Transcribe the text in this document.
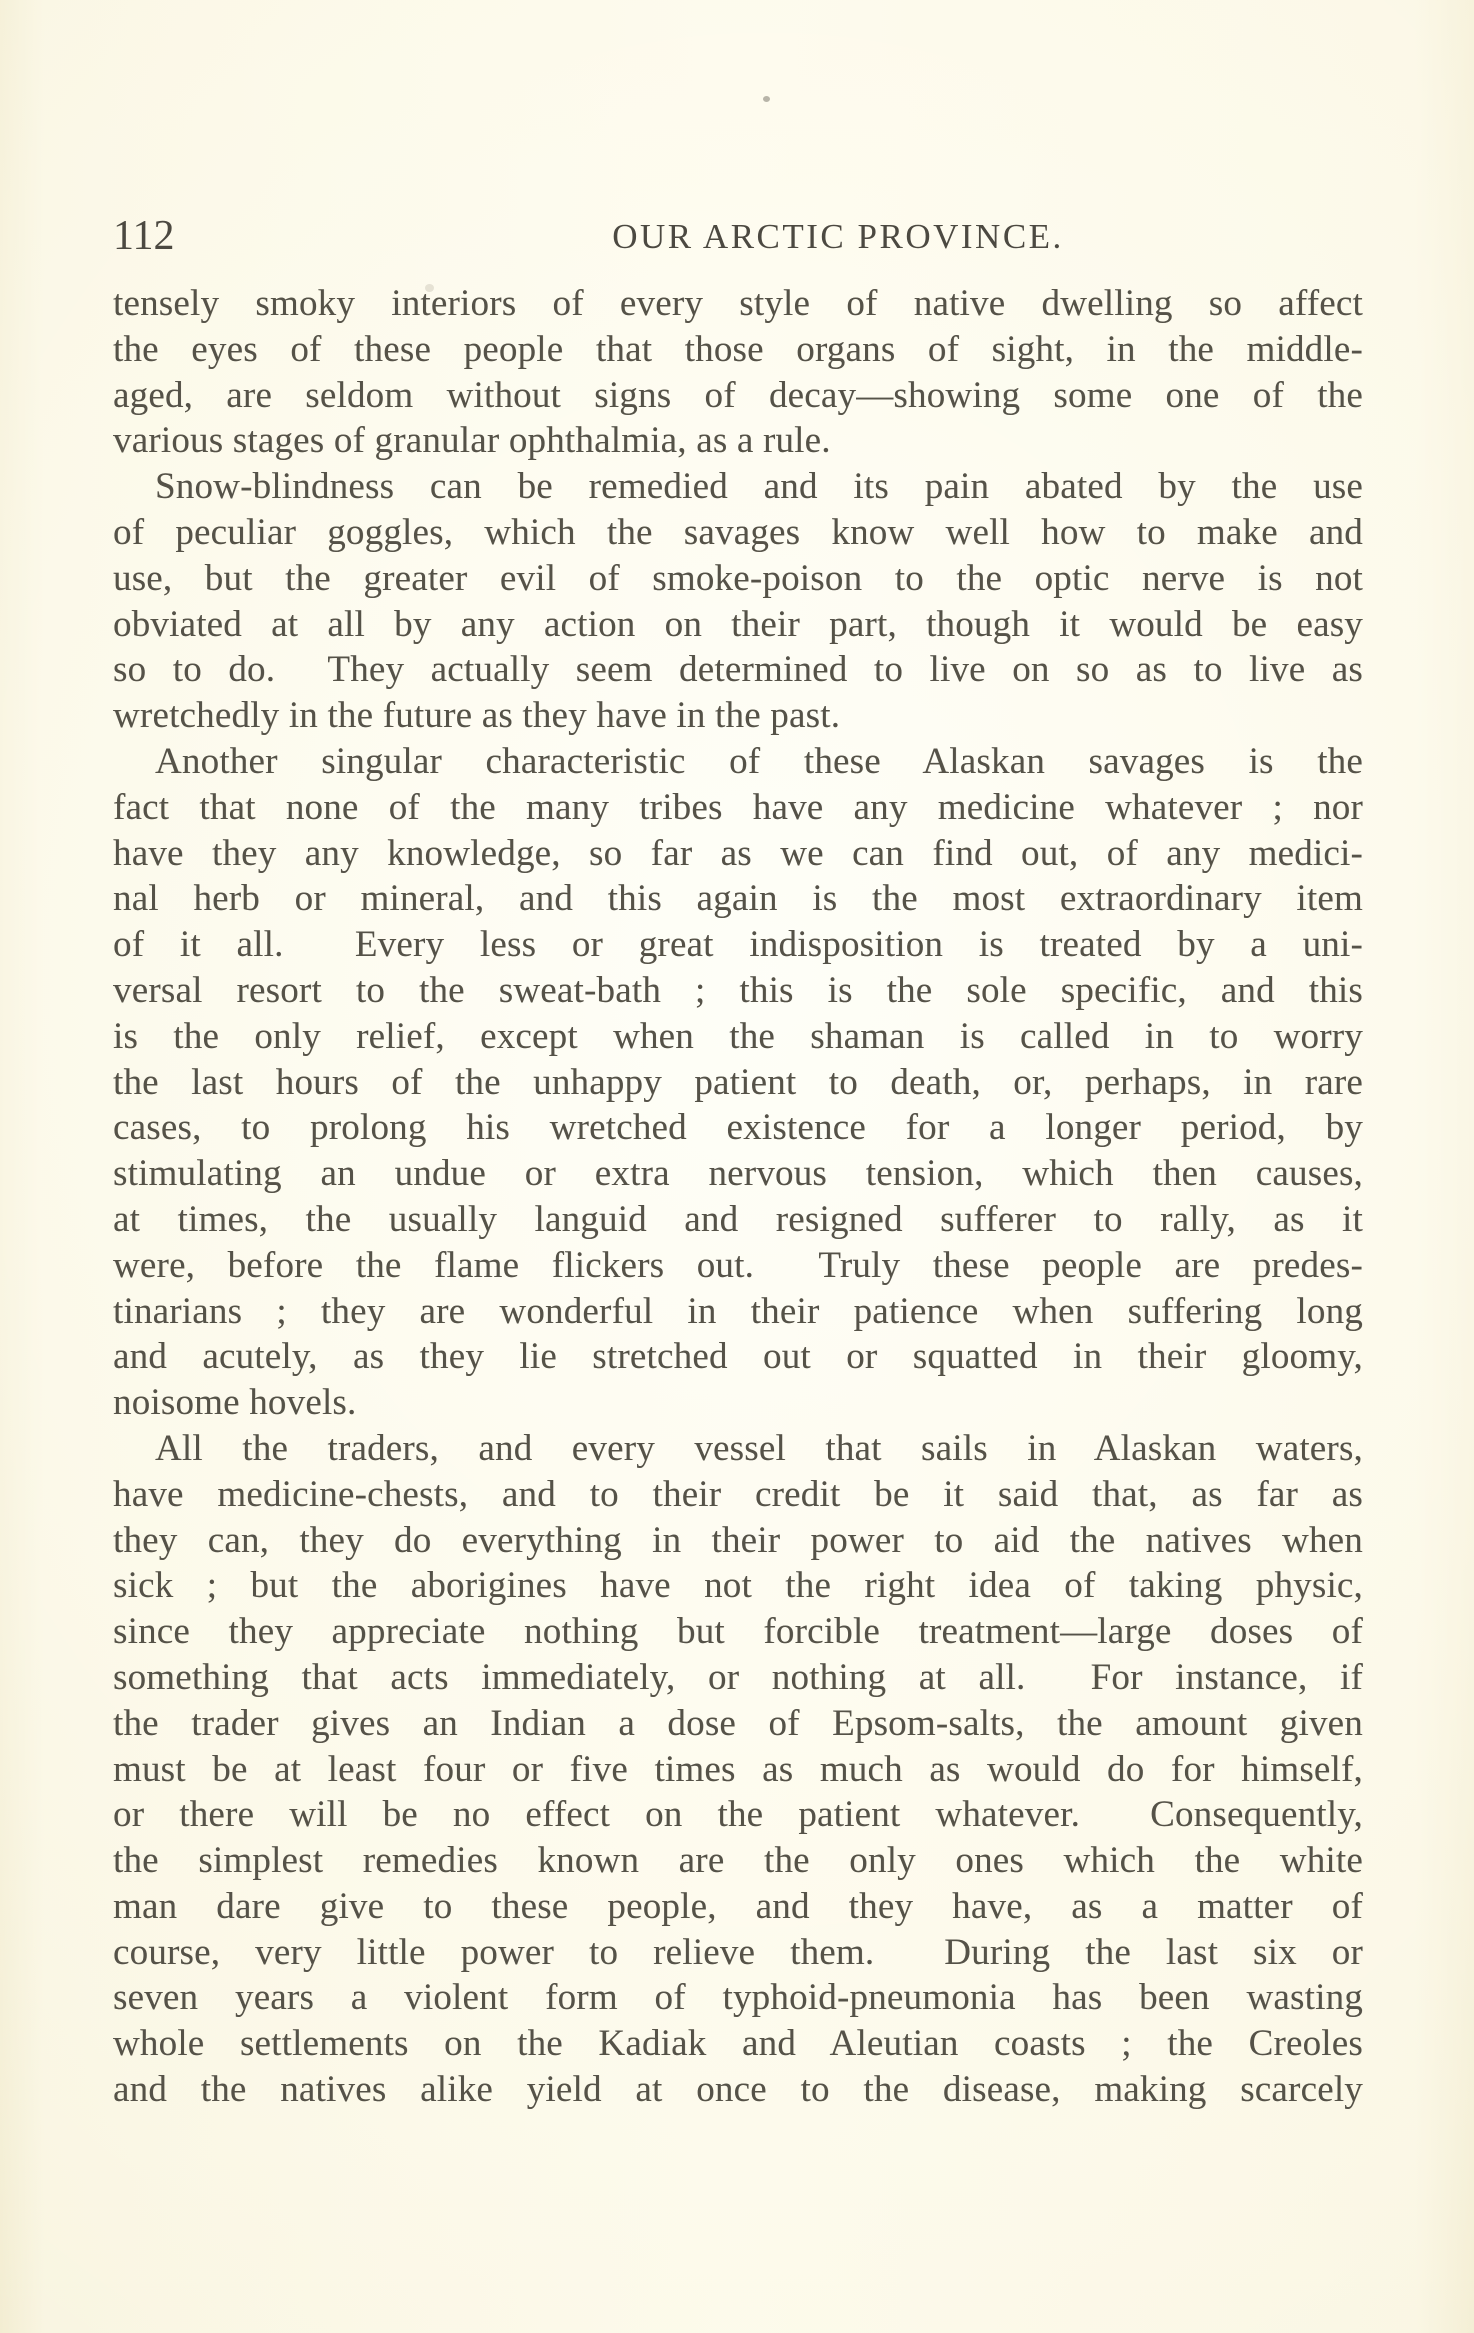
112	OUR ARCTIC PROVINCE.
tensely smoky interiors of every style of native dwelling so affect
the eyes of these people that those organs of sight, in the middle-
aged, are seldom without signs of decay—showing some one of the
various stages of granular ophthalmia, as a rule.
Snow-blindness can be remedied and its pain abated by the use
of peculiar goggles, which the savages know well how to make and
use, but the greater evil of smoke-poison to the optic nerve is not
obviated at all by any action on their part, though it would be easy
so to do.  They actually seem determined to live on so as to live as
wretchedly in the future as they have in the past.
Another singular characteristic of these Alaskan savages is the
fact that none of the many tribes have any medicine whatever ; nor
have they any knowledge, so far as we can find out, of any medici-
nal herb or mineral, and this again is the most extraordinary item
of it all.  Every less or great indisposition is treated by a uni-
versal resort to the sweat-bath ; this is the sole specific, and this
is the only relief, except when the shaman is called in to worry
the last hours of the unhappy patient to death, or, perhaps, in rare
cases, to prolong his wretched existence for a longer period, by
stimulating an undue or extra nervous tension, which then causes,
at times, the usually languid and resigned sufferer to rally, as it
were, before the flame flickers out.  Truly these people are predes-
tinarians ; they are wonderful in their patience when suffering long
and acutely, as they lie stretched out or squatted in their gloomy,
noisome hovels.
All the traders, and every vessel that sails in Alaskan waters,
have medicine-chests, and to their credit be it said that, as far as
they can, they do everything in their power to aid the natives when
sick ; but the aborigines have not the right idea of taking physic,
since they appreciate nothing but forcible treatment—large doses of
something that acts immediately, or nothing at all.  For instance, if
the trader gives an Indian a dose of Epsom-salts, the amount given
must be at least four or five times as much as would do for himself,
or there will be no effect on the patient whatever.  Consequently,
the simplest remedies known are the only ones which the white
man dare give to these people, and they have, as a matter of
course, very little power to relieve them.  During the last six or
seven years a violent form of typhoid-pneumonia has been wasting
whole settlements on the Kadiak and Aleutian coasts ; the Creoles
and the natives alike yield at once to the disease, making scarcely
